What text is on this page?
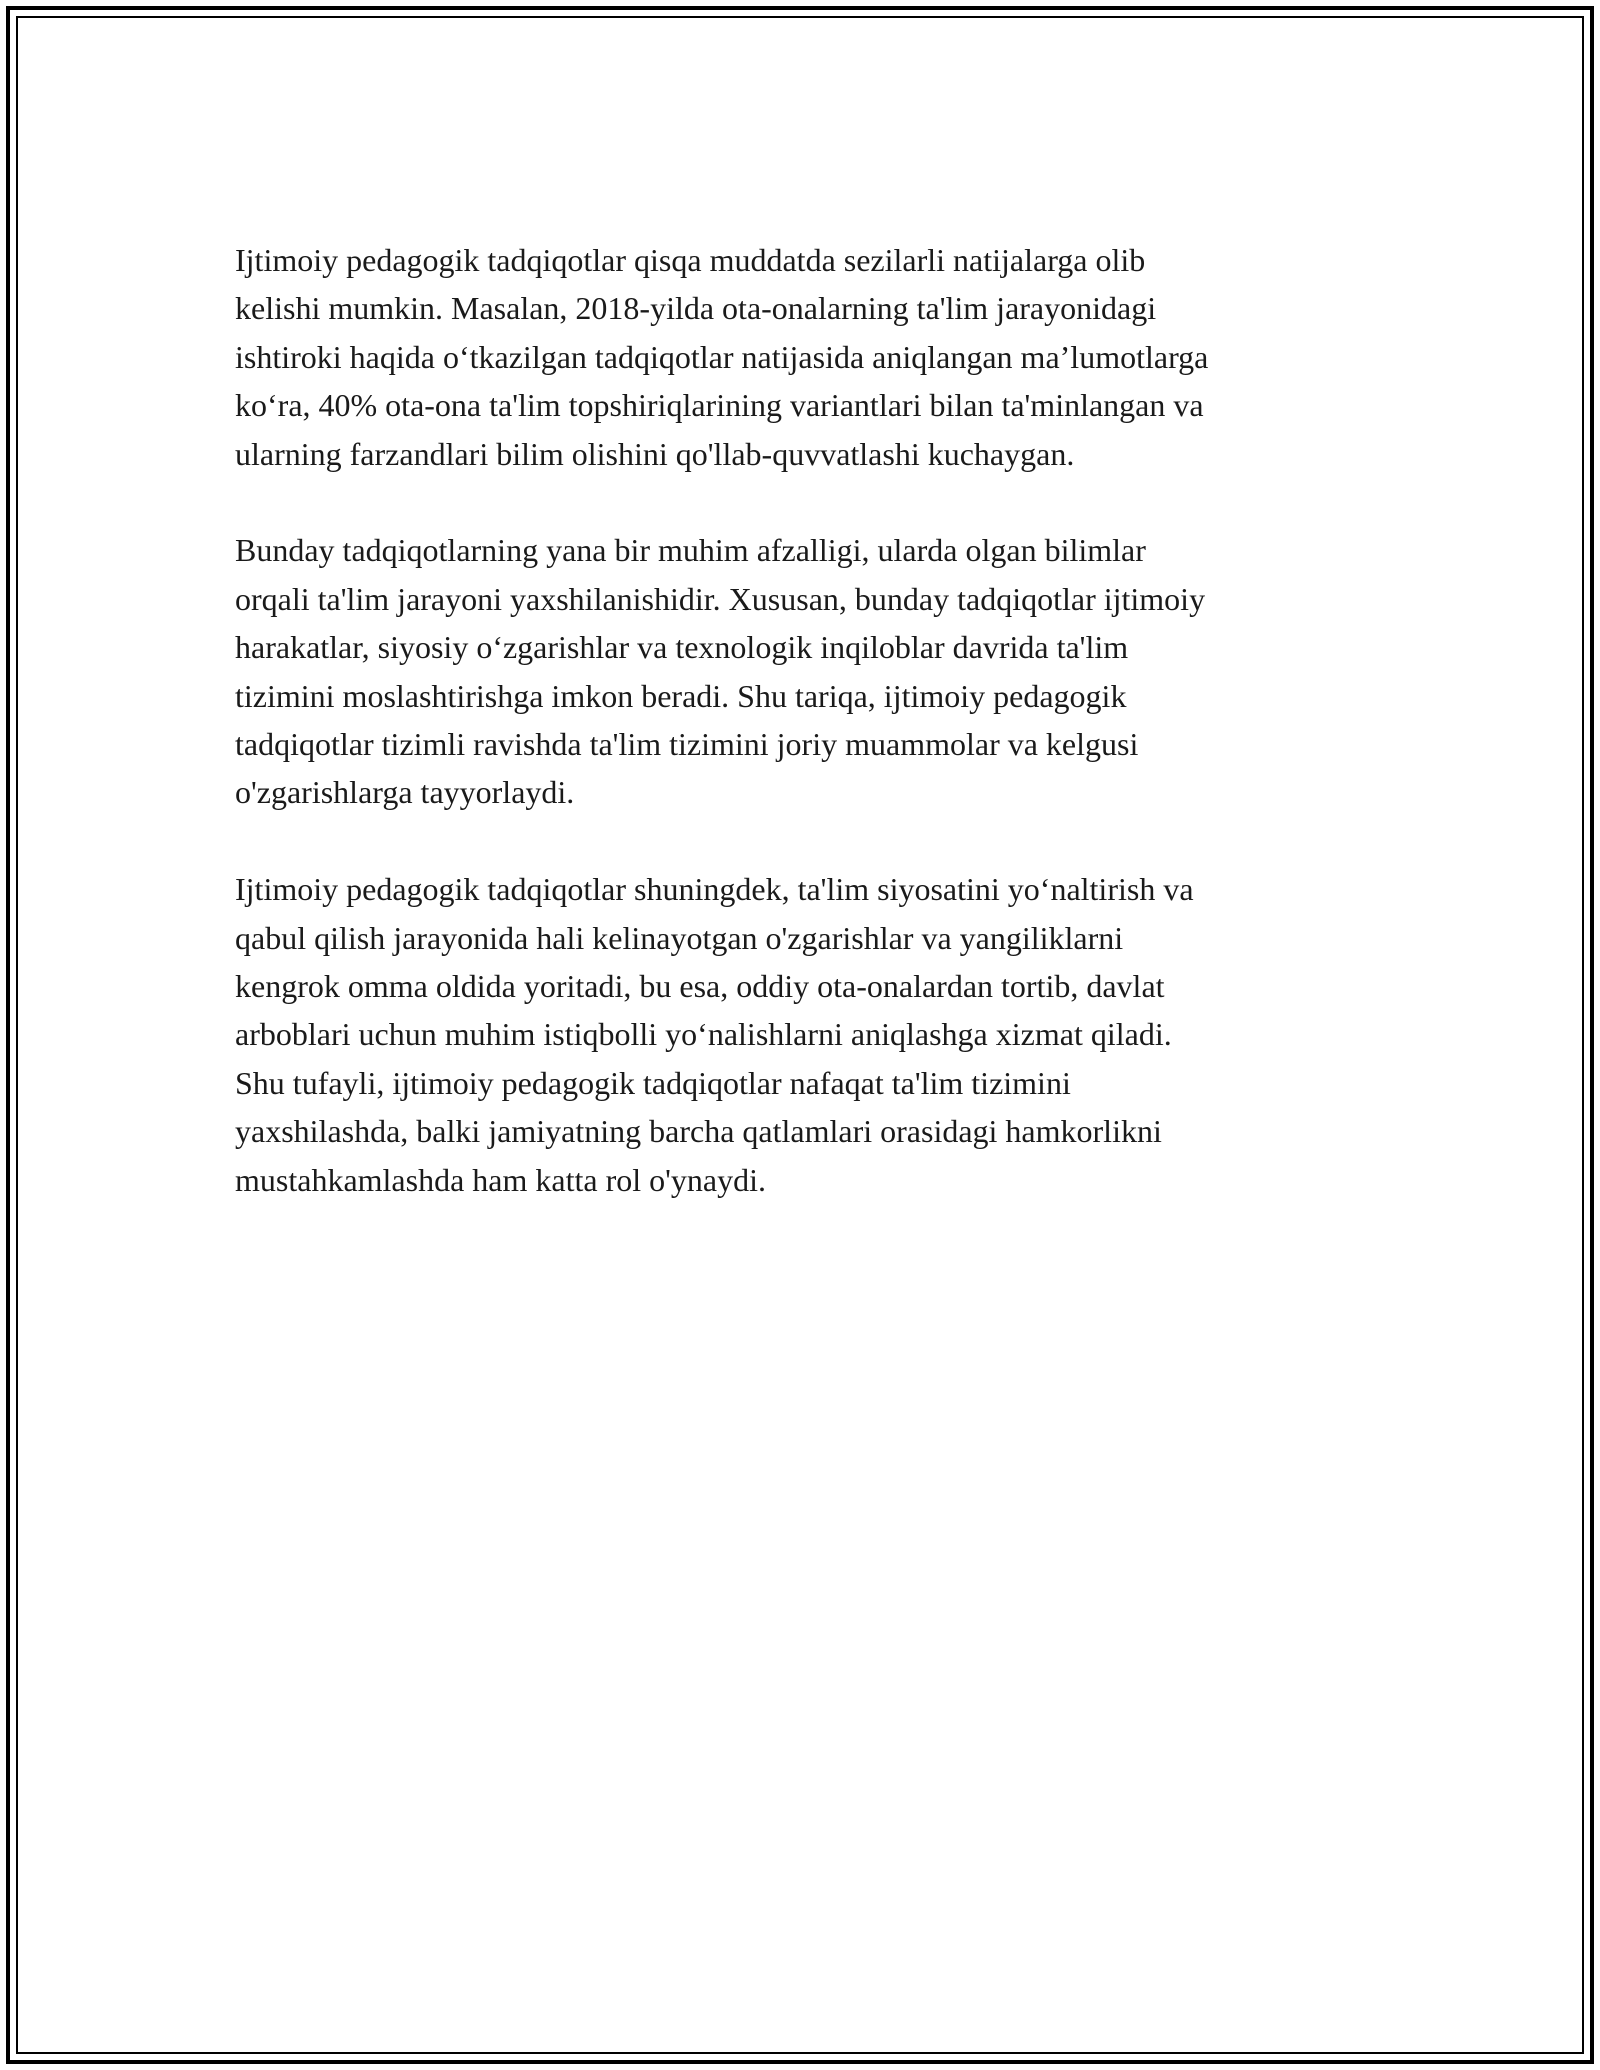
Ijtimoiy pedagogik tadqiqotlar qisqa muddatda sezilarli natijalarga olib
kelishi mumkin. Masalan, 2018-yilda ota-onalarning ta'lim jarayonidagi
ishtiroki haqida o‘tkazilgan tadqiqotlar natijasida aniqlangan ma’lumotlarga
ko‘ra, 40% ota-ona ta'lim topshiriqlarining variantlari bilan ta'minlangan va
ularning farzandlari bilim olishini qo'llab-quvvatlashi kuchaygan.

Bunday tadqiqotlarning yana bir muhim afzalligi, ularda olgan bilimlar
orqali ta'lim jarayoni yaxshilanishidir. Xususan, bunday tadqiqotlar ijtimoiy
harakatlar, siyosiy o‘zgarishlar va texnologik inqiloblar davrida ta'lim
tizimini moslashtirishga imkon beradi. Shu tariqa, ijtimoiy pedagogik
tadqiqotlar tizimli ravishda ta'lim tizimini joriy muammolar va kelgusi
o'zgarishlarga tayyorlaydi.

Ijtimoiy pedagogik tadqiqotlar shuningdek, ta'lim siyosatini yo‘naltirish va
qabul qilish jarayonida hali kelinayotgan o'zgarishlar va yangiliklarni
kengrok omma oldida yoritadi, bu esa, oddiy ota-onalardan tortib, davlat
arboblari uchun muhim istiqbolli yo‘nalishlarni aniqlashga xizmat qiladi.
Shu tufayli, ijtimoiy pedagogik tadqiqotlar nafaqat ta'lim tizimini
yaxshilashda, balki jamiyatning barcha qatlamlari orasidagi hamkorlikni
mustahkamlashda ham katta rol o'ynaydi.
